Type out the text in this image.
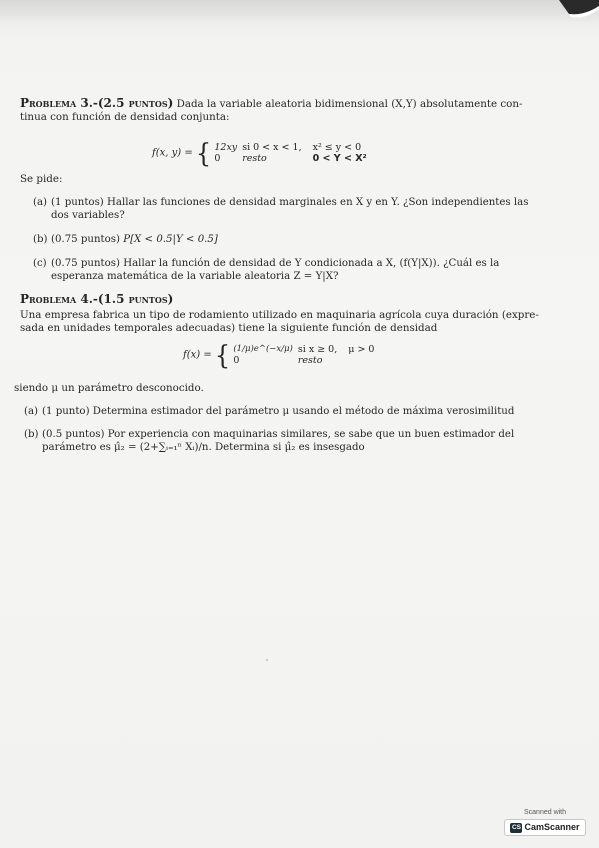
Problema 3.-(2.5 puntos) Dada la variable aleatoria bidimensional (X,Y) absolutamente con-
tinua con función de densidad conjunta:
f(x, y) = { 12xy	si 0 < x < 1,	x² ≤ y < 0
0	resto	0 < Y < X²
Se pide:
(a) (1 puntos) Hallar las funciones de densidad marginales en X y en Y. ¿Son independientes las
dos variables?
(b) (0.75 puntos) P[X < 0.5|Y < 0.5]
(c) (0.75 puntos) Hallar la función de densidad de Y condicionada a X, (f(Y|X)). ¿Cuál es la
esperanza matemática de la variable aleatoria Z = Y|X?
Problema 4.-(1.5 puntos)
Una empresa fabrica un tipo de rodamiento utilizado en maquinaria agrícola cuya duración (expre-
sada en unidades temporales adecuadas) tiene la siguiente función de densidad
f(x) = { (1/μ)e^(−x/μ)	si x ≥ 0,	μ > 0
0	resto	
siendo μ un parámetro desconocido.
(a) (1 punto) Determina estimador del parámetro μ usando el método de máxima verosimilitud
(b) (0.5 puntos) Por experiencia con maquinarias similares, se sabe que un buen estimador del
parámetro es μ̂₂ = (2+∑ᵢ₌₁ⁿ Xᵢ)/n. Determina si μ̂₂ es insesgado
Scanned with
CS CamScanner
